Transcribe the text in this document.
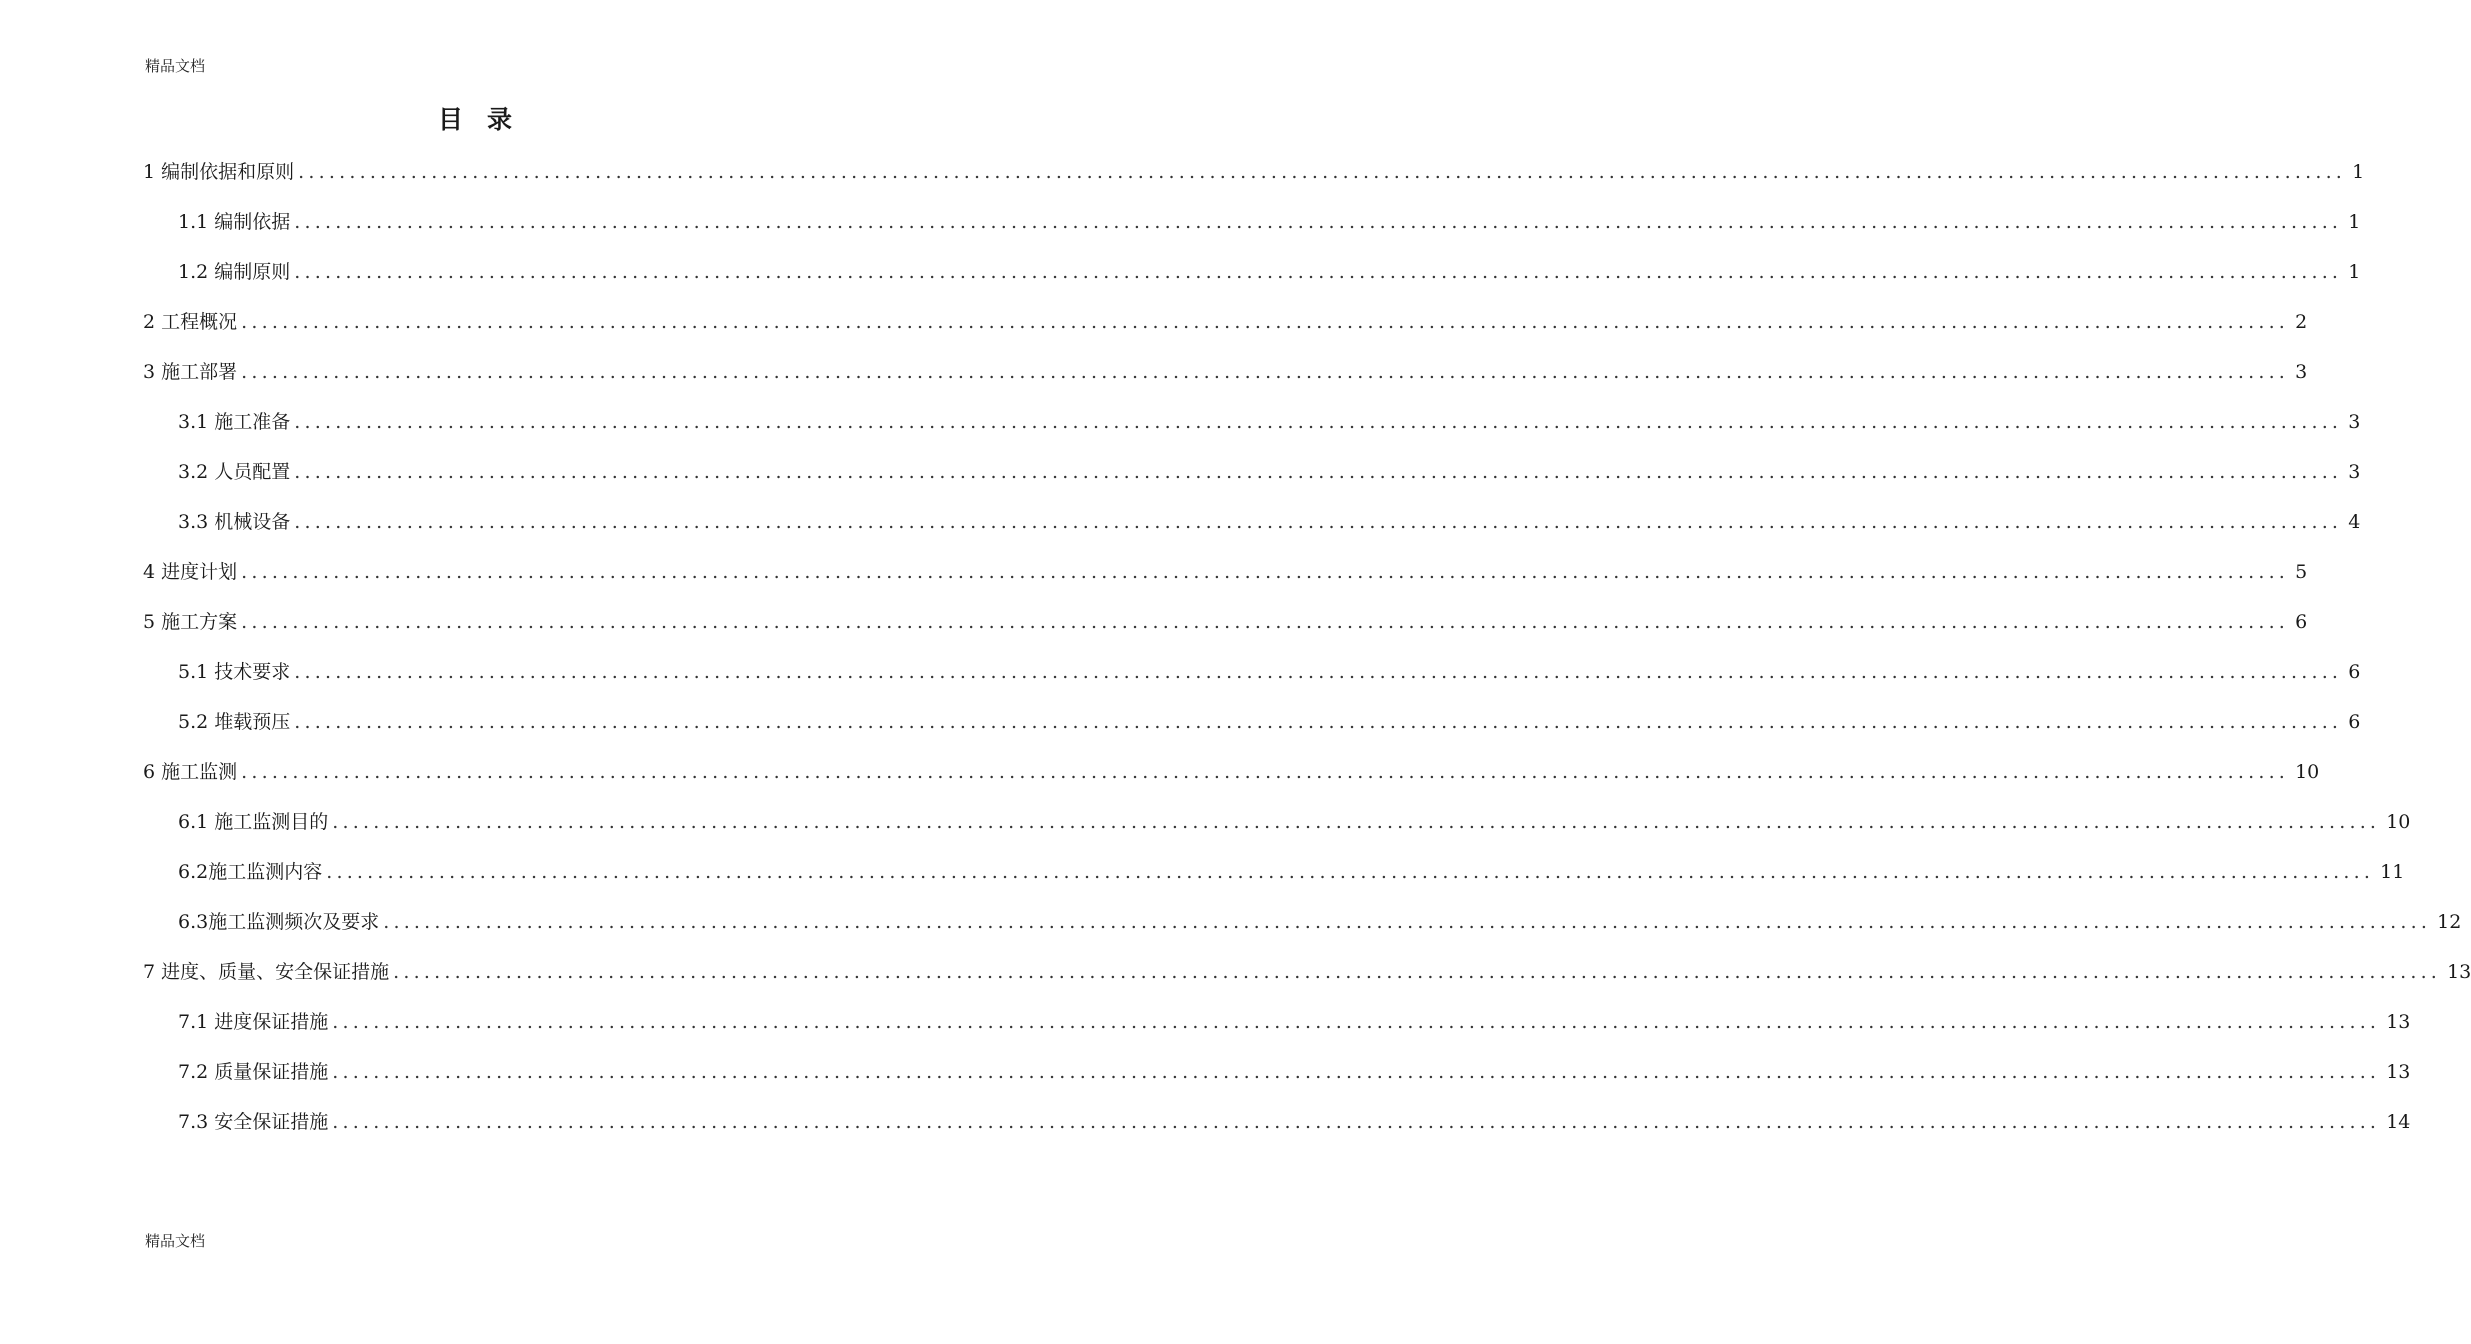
精品文档
目录
1 编制依据和原则 ........................................................................................................................................................................................................ 1
1.1 编制依据 ........................................................................................................................................................................................................ 1
1.2 编制原则 ........................................................................................................................................................................................................ 1
2 工程概况 ........................................................................................................................................................................................................ 2
3 施工部署 ........................................................................................................................................................................................................ 3
3.1 施工准备 ........................................................................................................................................................................................................ 3
3.2 人员配置 ........................................................................................................................................................................................................ 3
3.3 机械设备 ........................................................................................................................................................................................................ 4
4 进度计划 ........................................................................................................................................................................................................ 5
5 施工方案 ........................................................................................................................................................................................................ 6
5.1 技术要求 ........................................................................................................................................................................................................ 6
5.2 堆载预压 ........................................................................................................................................................................................................ 6
6 施工监测 ........................................................................................................................................................................................................ 10
6.1 施工监测目的 ........................................................................................................................................................................................................ 10
6.2施工监测内容 ........................................................................................................................................................................................................ 11
6.3施工监测频次及要求 ........................................................................................................................................................................................................ 12
7 进度、质量、安全保证措施 ........................................................................................................................................................................................................ 13
7.1 进度保证措施 ........................................................................................................................................................................................................ 13
7.2 质量保证措施 ........................................................................................................................................................................................................ 13
7.3 安全保证措施 ........................................................................................................................................................................................................ 14
精品文档
